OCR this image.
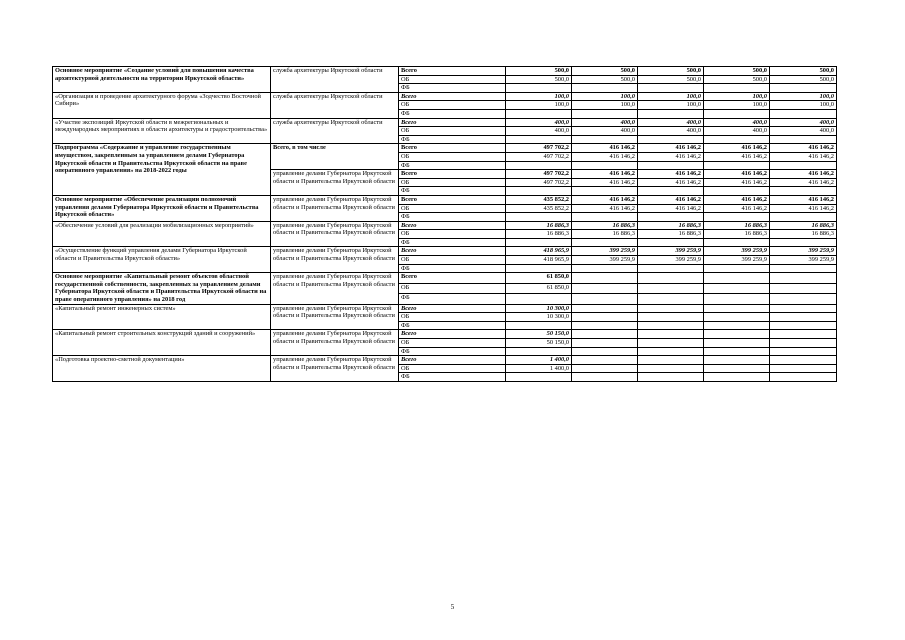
Основное мероприятие «Создание условий для повышения качества архитектурной деятельности на территории Иркутской области»	служба архитектуры Иркутской области	Всего	500,0	500,0	500,0	500,0	500,0
		ОБ	500,0	500,0	500,0	500,0	500,0
		ФБ					
«Организация и проведение архитектурного форума «Зодчество Восточной Сибири»	служба архитектуры Иркутской области	Всего	100,0	100,0	100,0	100,0	100,0
		ОБ	100,0	100,0	100,0	100,0	100,0
		ФБ					
«Участие экспозиций Иркутской области в межрегиональных и международных мероприятиях в области архитектуры и градостроительства»	служба архитектуры Иркутской области	Всего	400,0	400,0	400,0	400,0	400,0
		ОБ	400,0	400,0	400,0	400,0	400,0
		ФБ					
Подпрограмма «Содержание и управление государственным имуществом, закрепленным за управлением делами Губернатора Иркутской области и Правительства Иркутской области на праве оперативного управления» на 2018-2022 годы	Всего, в том числе	Всего	497 702,2	416 146,2	416 146,2	416 146,2	416 146,2
		ОБ	497 702,2	416 146,2	416 146,2	416 146,2	416 146,2
		ФБ					
	управление делами Губернатора Иркутской области и Правительства Иркутской области	Всего	497 702,2	416 146,2	416 146,2	416 146,2	416 146,2
		ОБ	497 702,2	416 146,2	416 146,2	416 146,2	416 146,2
		ФБ					
Основное мероприятие «Обеспечение реализации полномочий управления делами Губернатора Иркутской области и Правительства Иркутской области»	управление делами Губернатора Иркутской области и Правительства Иркутской области	Всего	435 852,2	416 146,2	416 146,2	416 146,2	416 146,2
		ОБ	435 852,2	416 146,2	416 146,2	416 146,2	416 146,2
		ФБ					
«Обеспечение условий для реализации мобилизационных мероприятий»	управление делами Губернатора Иркутской области и Правительства Иркутской области	Всего	16 886,3	16 886,3	16 886,3	16 886,3	16 886,3
		ОБ	16 886,3	16 886,3	16 886,3	16 886,3	16 886,3
		ФБ					
«Осуществление функций управления делами Губернатора Иркутской области и Правительства Иркутской области»	управление делами Губернатора Иркутской области и Правительства Иркутской области	Всего	418 965,9	399 259,9	399 259,9	399 259,9	399 259,9
		ОБ	418 965,9	399 259,9	399 259,9	399 259,9	399 259,9
		ФБ					
Основное мероприятие «Капитальный ремонт объектов областной государственной собственности, закрепленных за управлением делами Губернатора Иркутской области и Правительства Иркутской области на праве оперативного управления» на 2018 год	управление делами Губернатора Иркутской области и Правительства Иркутской области	Всего	61 850,0				
		ОБ	61 850,0				
		ФБ					
«Капитальный ремонт инженерных систем»	управление делами Губернатора Иркутской области и Правительства Иркутской области	Всего	10 300,0				
		ОБ	10 300,0				
		ФБ					
«Капитальный ремонт строительных конструкций зданий и сооружений»	управление делами Губернатора Иркутской области и Правительства Иркутской области	Всего	50 150,0				
		ОБ	50 150,0				
		ФБ					
«Подготовка проектно-сметной документации»	управление делами Губернатора Иркутской области и Правительства Иркутской области	Всего	1 400,0				
		ОБ	1 400,0				
		ФБ					
5
